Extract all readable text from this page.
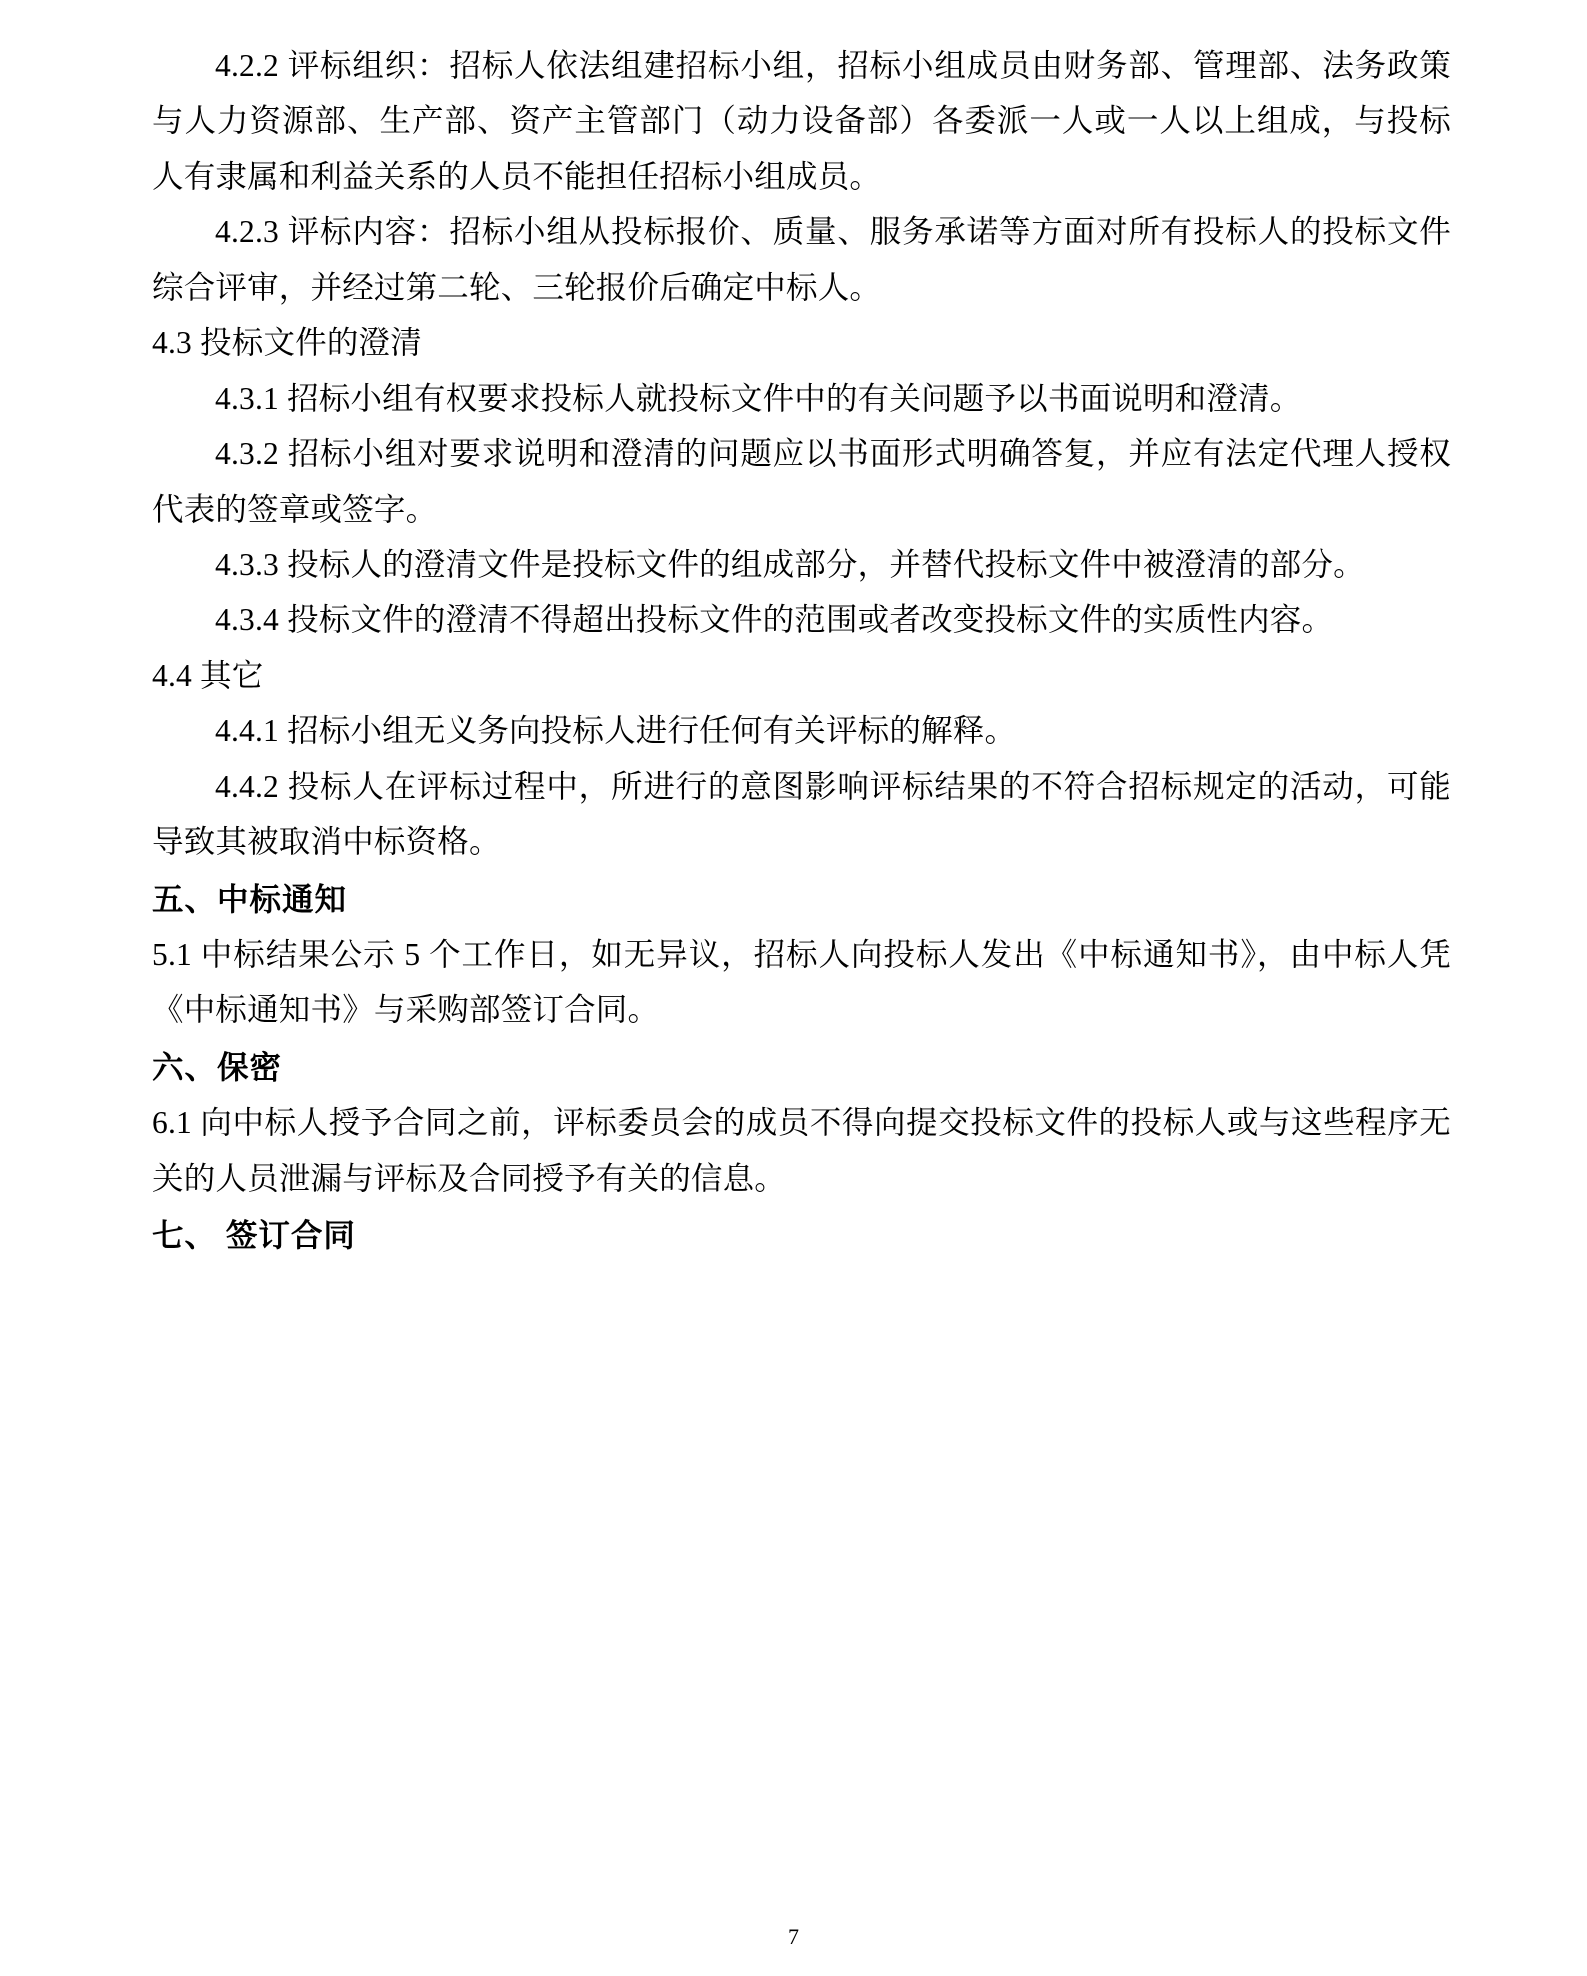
4.2.2 评标组织：招标人依法组建招标小组，招标小组成员由财务部、管理部、法务政策与人力资源部、生产部、资产主管部门（动力设备部）各委派一人或一人以上组成，与投标人有隶属和利益关系的人员不能担任招标小组成员。

4.2.3 评标内容：招标小组从投标报价、质量、服务承诺等方面对所有投标人的投标文件综合评审，并经过第二轮、三轮报价后确定中标人。

4.3 投标文件的澄清

4.3.1 招标小组有权要求投标人就投标文件中的有关问题予以书面说明和澄清。

4.3.2 招标小组对要求说明和澄清的问题应以书面形式明确答复，并应有法定代理人授权代表的签章或签字。

4.3.3 投标人的澄清文件是投标文件的组成部分，并替代投标文件中被澄清的部分。

4.3.4 投标文件的澄清不得超出投标文件的范围或者改变投标文件的实质性内容。

4.4 其它

4.4.1 招标小组无义务向投标人进行任何有关评标的解释。

4.4.2 投标人在评标过程中，所进行的意图影响评标结果的不符合招标规定的活动，可能导致其被取消中标资格。

五、中标通知

5.1 中标结果公示 5 个工作日，如无异议，招标人向投标人发出《中标通知书》，由中标人凭《中标通知书》与采购部签订合同。

六、保密

6.1 向中标人授予合同之前，评标委员会的成员不得向提交投标文件的投标人或与这些程序无关的人员泄漏与评标及合同授予有关的信息。

七、 签订合同

7
